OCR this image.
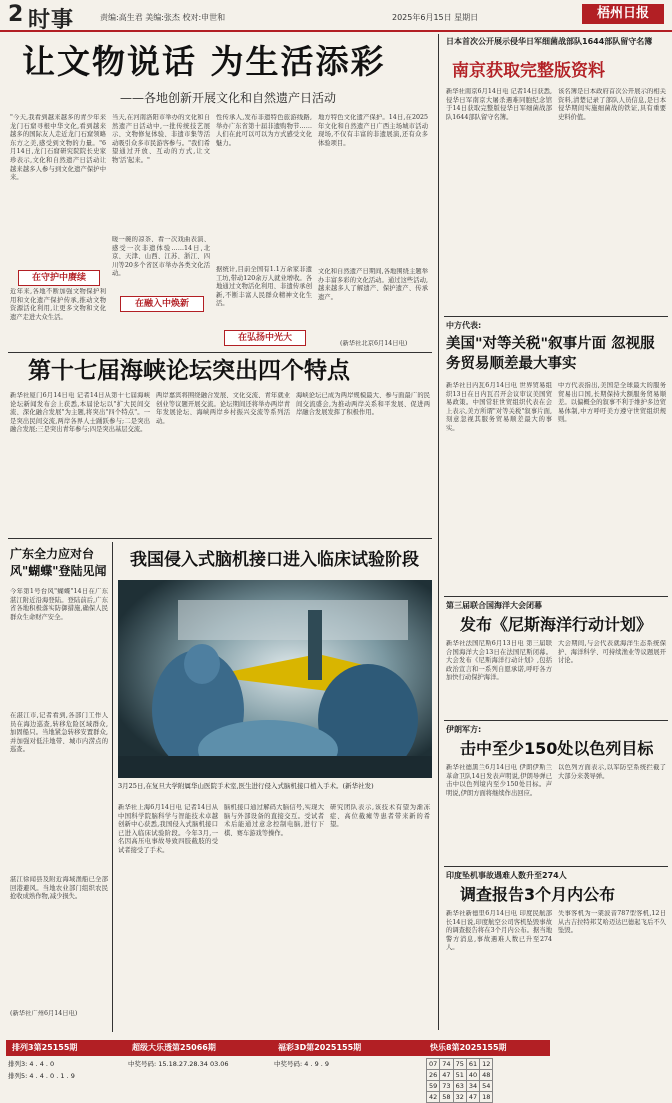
2 时事	责编:高生君 美编:张杰 校对:申世和	2025年6月15日 星期日	梧州日报
让文物说话 为生活添彩
——各地创新开展文化和自然遗产日活动
"今天,我看到越来越多的青少年来龙门石窟寻根中华文化,看到越来越多的国际友人走近龙门石窟领略东方之美,感受到文物的力量。"6月14日,龙门石窟研究院院长史家珍表示,文化和自然遗产日活动让越来越多人参与到文化遗产保护中来。
在守护中赓续
近年来,各地不断加强文物保护利用和文化遗产保护传承,推动文物资源活化利用,让更多文物和文化遗产走进大众生活。
当天,在河南洛阳市举办的文化和自然遗产日活动中,一批传统技艺展示、文物修复体验、非遗市集等活动吸引众多市民游客参与。"我们希望通过开放、互动的方式,让文物'活'起来。"
在融入中焕新
暖一碗的凉茶、看一次戏曲表演、感受一次非遗体验……14日,北京、天津、山西、江苏、浙江、四川等20多个省区市举办各类文化活动。
性传承人,发布非遗特色旅游线路,举办广东省第十届非遗购物节……人们在此可以可以为方式感受文化魅力。
据统计,目前全国有1.1万余家非遗工坊,带动120余万人就业增收。各地通过文物活化利用、非遗传承创新,不断丰富人民群众精神文化生活。
在弘扬中光大
地方特色文化遗产保护。14日,在2025年文化和自然遗产日广西主场城市活动现场,不仅有丰富的非遗展演,还有众多体验项目。
文化和自然遗产日期间,各地围绕主题举办丰富多彩的文化活动。通过这些活动,越来越多人了解遗产、保护遗产、传承遗产。
(新华社北京6月14日电)
第十七届海峡论坛突出四个特点
新华社厦门6月14日电 记者14日从第十七届海峡论坛新闻发布会上获悉,本届论坛以"扩大民间交流、深化融合发展"为主题,将突出"四个特点"。一是突出民间交流,两岸各界人士踊跃参与;二是突出融合发展;三是突出青年参与;四是突出基层交流。
两岸嘉宾将围绕融合发展、文化交流、青年就业创业等议题开展交流。论坛期间还将举办两岸青年发展论坛、海峡两岸乡村振兴交流等系列活动。
海峡论坛已成为两岸规模最大、参与面最广的民间交流盛会,为推动两岸关系和平发展、促进两岸融合发展发挥了积极作用。
广东全力应对台风"蝴蝶"登陆见闻
今年第1号台风"蝴蝶"14日在广东湛江附近沿海登陆。登陆前后,广东省各地积极落实防御措施,确保人民群众生命财产安全。
在湛江市,记者看到,各部门工作人员在海边巡查,转移危险区域群众,加固船只。当地紧急转移安置群众,并加强对低洼地带、城市内涝点的巡查。
湛江徐闻县及附近海域渔船已全部回港避风。当地农业部门组织农民抢收成熟作物,减少损失。
(新华社广州6月14日电)
我国侵入式脑机接口进入临床试验阶段
3月25日,在复旦大学附属华山医院手术室,医生进行侵入式脑机接口植入手术。(新华社发)
新华社上海6月14日电 记者14日从中国科学院脑科学与智能技术卓越创新中心获悉,我国侵入式脑机接口已进入临床试验阶段。今年3月,一名因高压电事故导致四肢截肢的受试者接受了手术。
脑机接口通过解码大脑信号,实现大脑与外部设备的直接交互。受试者术后能通过意念控制电脑,进行下棋、赛车游戏等操作。
研究团队表示,该技术有望为渐冻症、高位截瘫等患者带来新的希望。
日本首次公开展示侵华日军细菌战部队1644部队留守名簿
南京获取完整版资料
新华社南京6月14日电 记者14日获悉,侵华日军南京大屠杀遇难同胞纪念馆于14日获取完整版侵华日军细菌战部队1644部队留守名簿。
该名簿是日本政府首次公开展示的相关资料,清楚记录了部队人员信息,是日本侵华期间实施细菌战的铁证,具有重要史料价值。
中方代表:
美国"对等关税"叙事片面 忽视服务贸易顺差最大事实
新华社日内瓦6月14日电 世界贸易组织13日在日内瓦召开会议审议美国贸易政策。中国常驻世贸组织代表在会上表示,美方所谓"对等关税"叙事片面,刻意忽视其服务贸易顺差最大的事实。
中方代表指出,美国是全球最大的服务贸易出口国,长期保持大额服务贸易顺差。以偏概全的叙事不利于维护多边贸易体制,中方呼吁美方遵守世贸组织规则。
第三届联合国海洋大会闭幕
发布《尼斯海洋行动计划》
新华社法国尼斯6月13日电 第三届联合国海洋大会13日在法国尼斯闭幕。大会发布《尼斯海洋行动计划》,包括政治宣言和一系列自愿承诺,呼吁各方加快行动保护海洋。
大会期间,与会代表就海洋生态系统保护、海洋科学、可持续渔业等议题展开讨论。
伊朗军方:
击中至少150处以色列目标
新华社德黑兰6月14日电 伊朗伊斯兰革命卫队14日发表声明说,伊朗导弹已击中以色列境内至少150处目标。声明说,伊朗方面将继续作出回应。
以色列方面表示,以军防空系统拦截了大部分来袭导弹。
印度坠机事故遇难人数升至274人
调查报告3个月内公布
新华社新德里6月14日电 印度民航部长14日说,印度航空公司客机坠毁事故的调查报告将在3个月内公布。据当地警方消息,事故遇难人数已升至274人。
失事客机为一架波音787型客机,12日从古吉拉特邦艾哈迈达巴德起飞后不久坠毁。
排列3第25155期	超级大乐透第25066期	福彩3D第2025155期	快乐8第2025155期
排列3: 4 . 4 . 0
排列5: 4 . 4 . 0 . 1 . 9
中奖号码: 15.18.27.28.34 03.06	中奖号码: 4 . 9 . 9	07	74	75	61	12
26	47	51	40	48
59	73	63	34	54
42	58	32	47	18
